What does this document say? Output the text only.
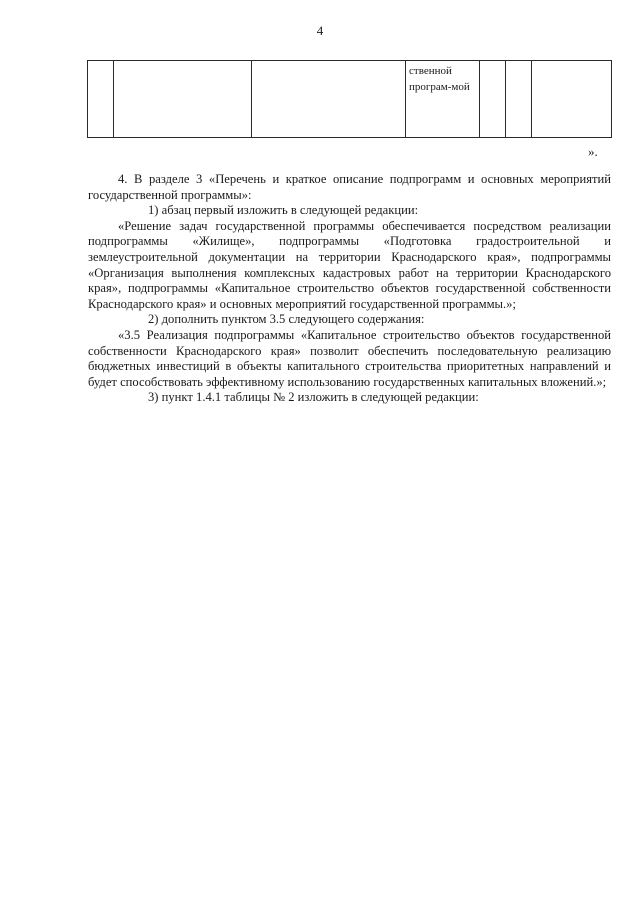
4
			ственной програм-мой			
».

4. В разделе 3 «Перечень и краткое описание подпрограмм и основных мероприятий государственной программы»:

1) абзац первый изложить в следующей редакции:

«Решение задач государственной программы обеспечивается посредством реализации подпрограммы «Жилище», подпрограммы «Подготовка градостроительной и землеустроительной документации на территории Краснодарского края», подпрограммы «Организация выполнения комплексных кадастровых работ на территории Краснодарского края», подпрограммы «Капитальное строительство объектов государственной собственности Краснодарского края» и основных мероприятий государственной программы.»;

2) дополнить пунктом 3.5 следующего содержания:

«3.5 Реализация подпрограммы «Капитальное строительство объектов государственной собственности Краснодарского края» позволит обеспечить последовательную реализацию бюджетных инвестиций в объекты капитального строительства приоритетных направлений и будет способствовать эффективному использованию государственных капитальных вложений.»;

3) пункт 1.4.1 таблицы № 2 изложить в следующей редакции:
